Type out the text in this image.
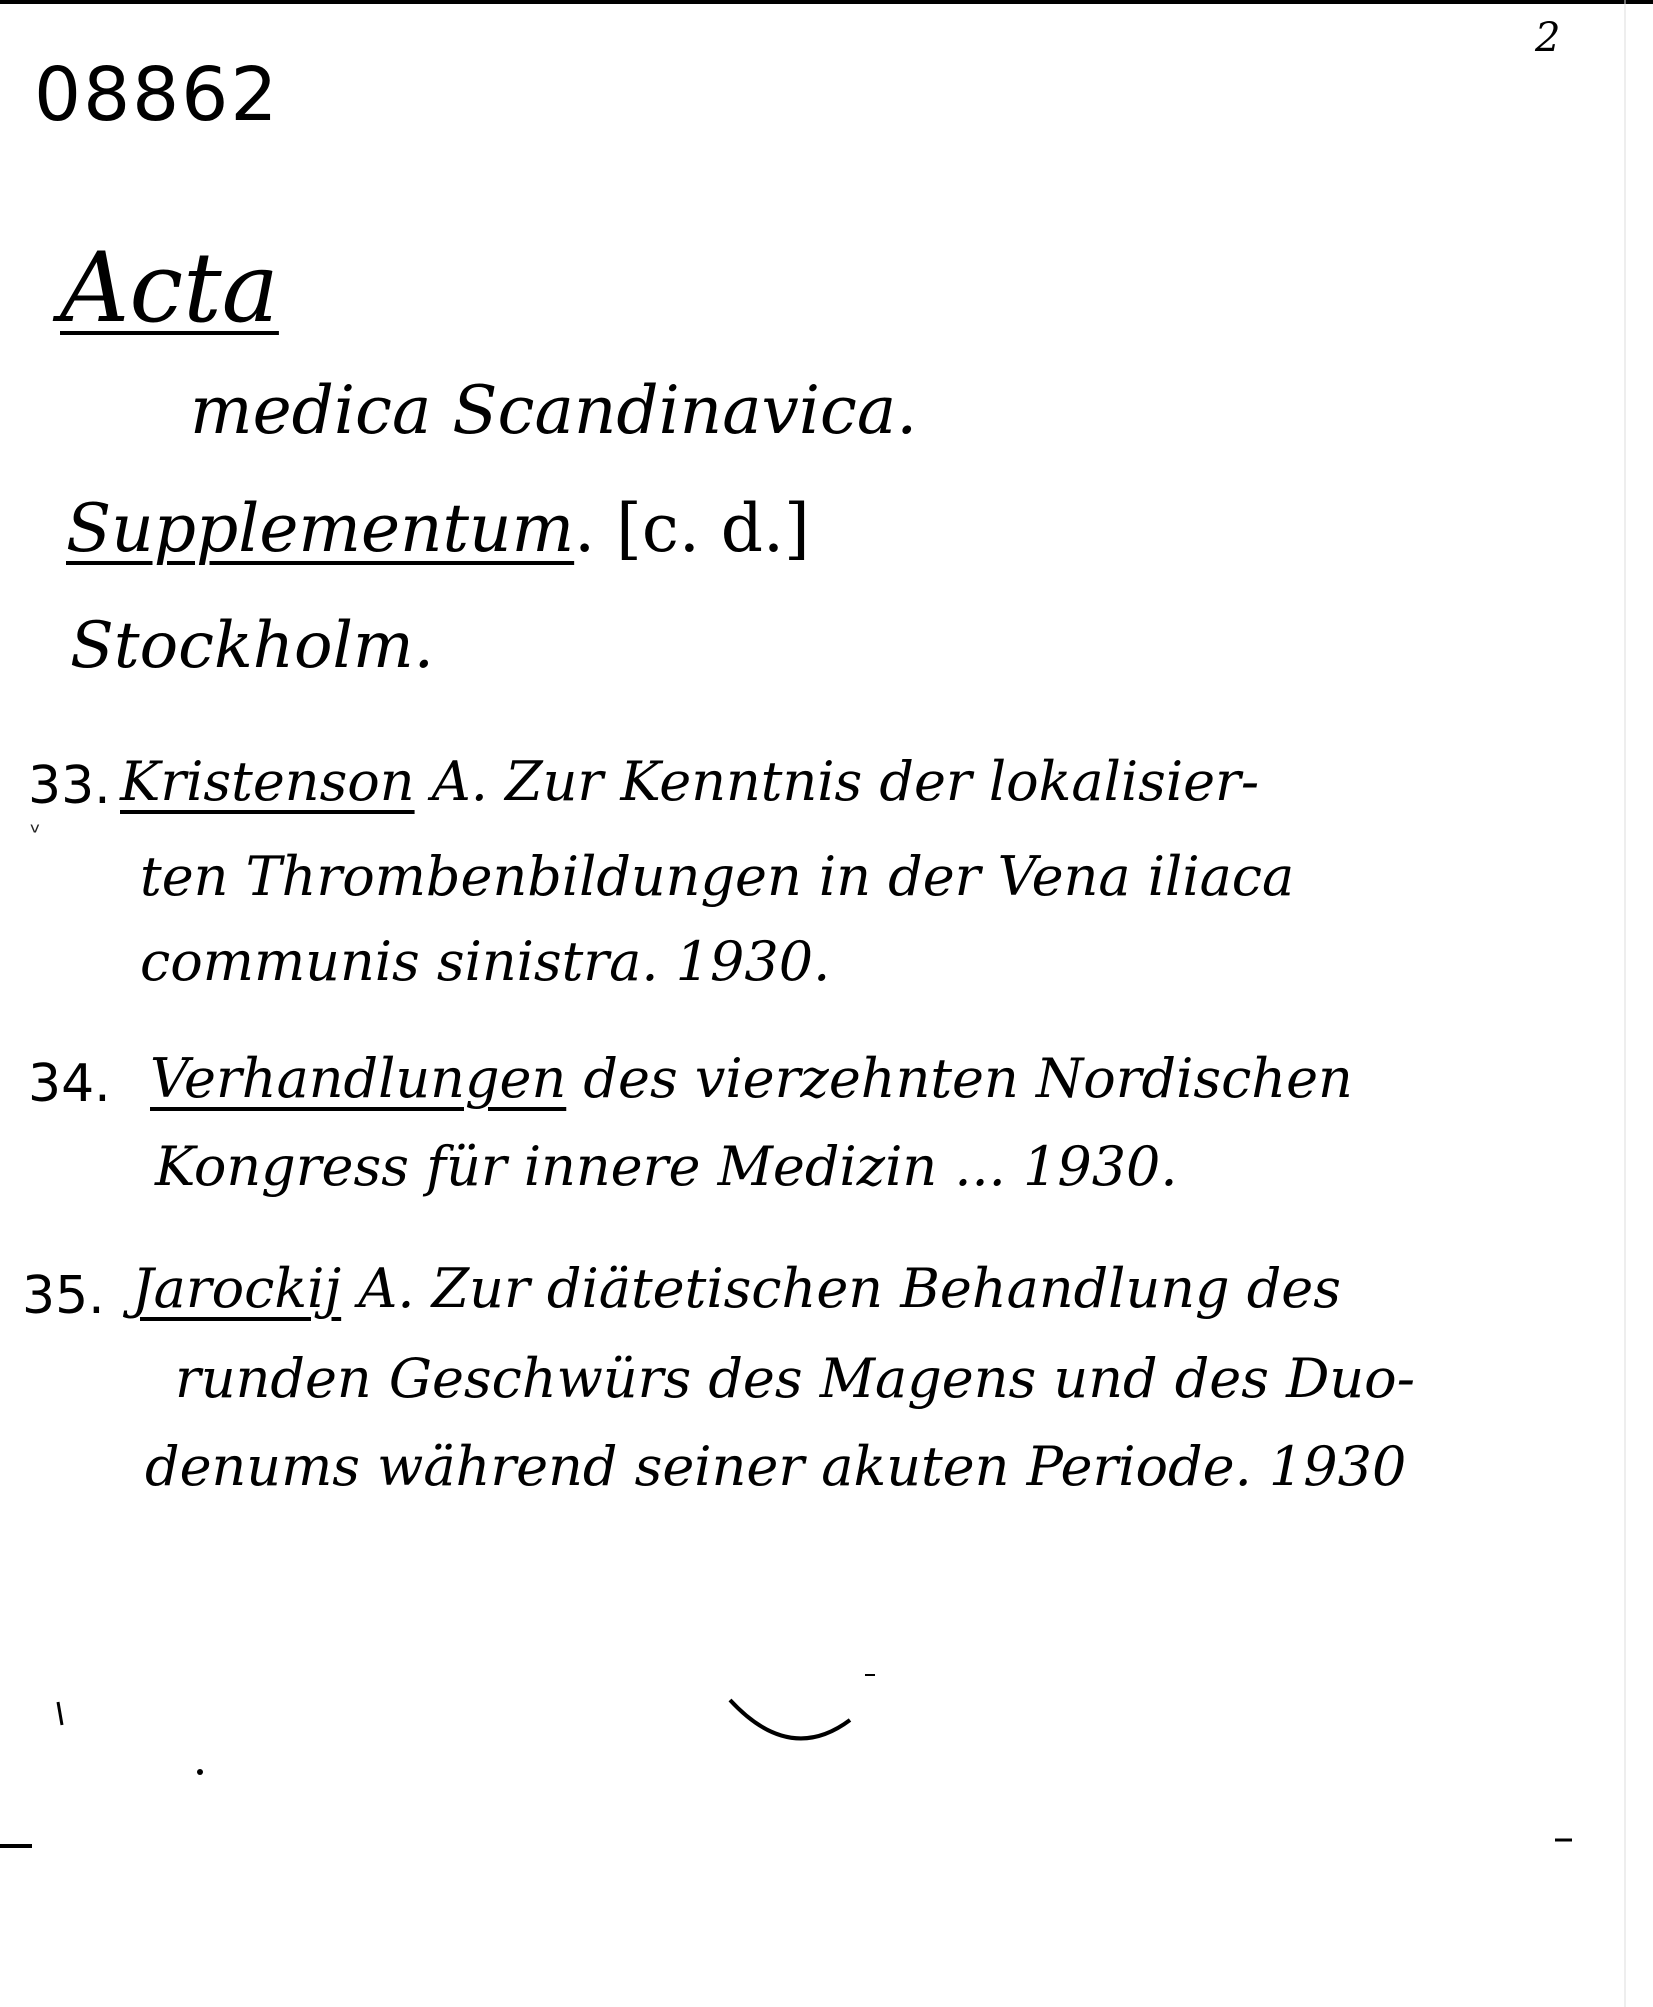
08862
2
Acta
medica Scandinavica.
Supplementum. [c. d.]
Stockholm.
33. Kristenson A. Zur Kenntnis der lokalisier-
ten Thrombenbildungen in der Vena iliaca
communis sinistra. 1930.
ᵛ
34. Verhandlungen des vierzehnten Nordischen
Kongress für innere Medizin ... 1930.
35. Jarockij A. Zur diätetischen Behandlung des
runden Geschwürs des Magens und des Duo-
denums während seiner akuten Periode. 1930
